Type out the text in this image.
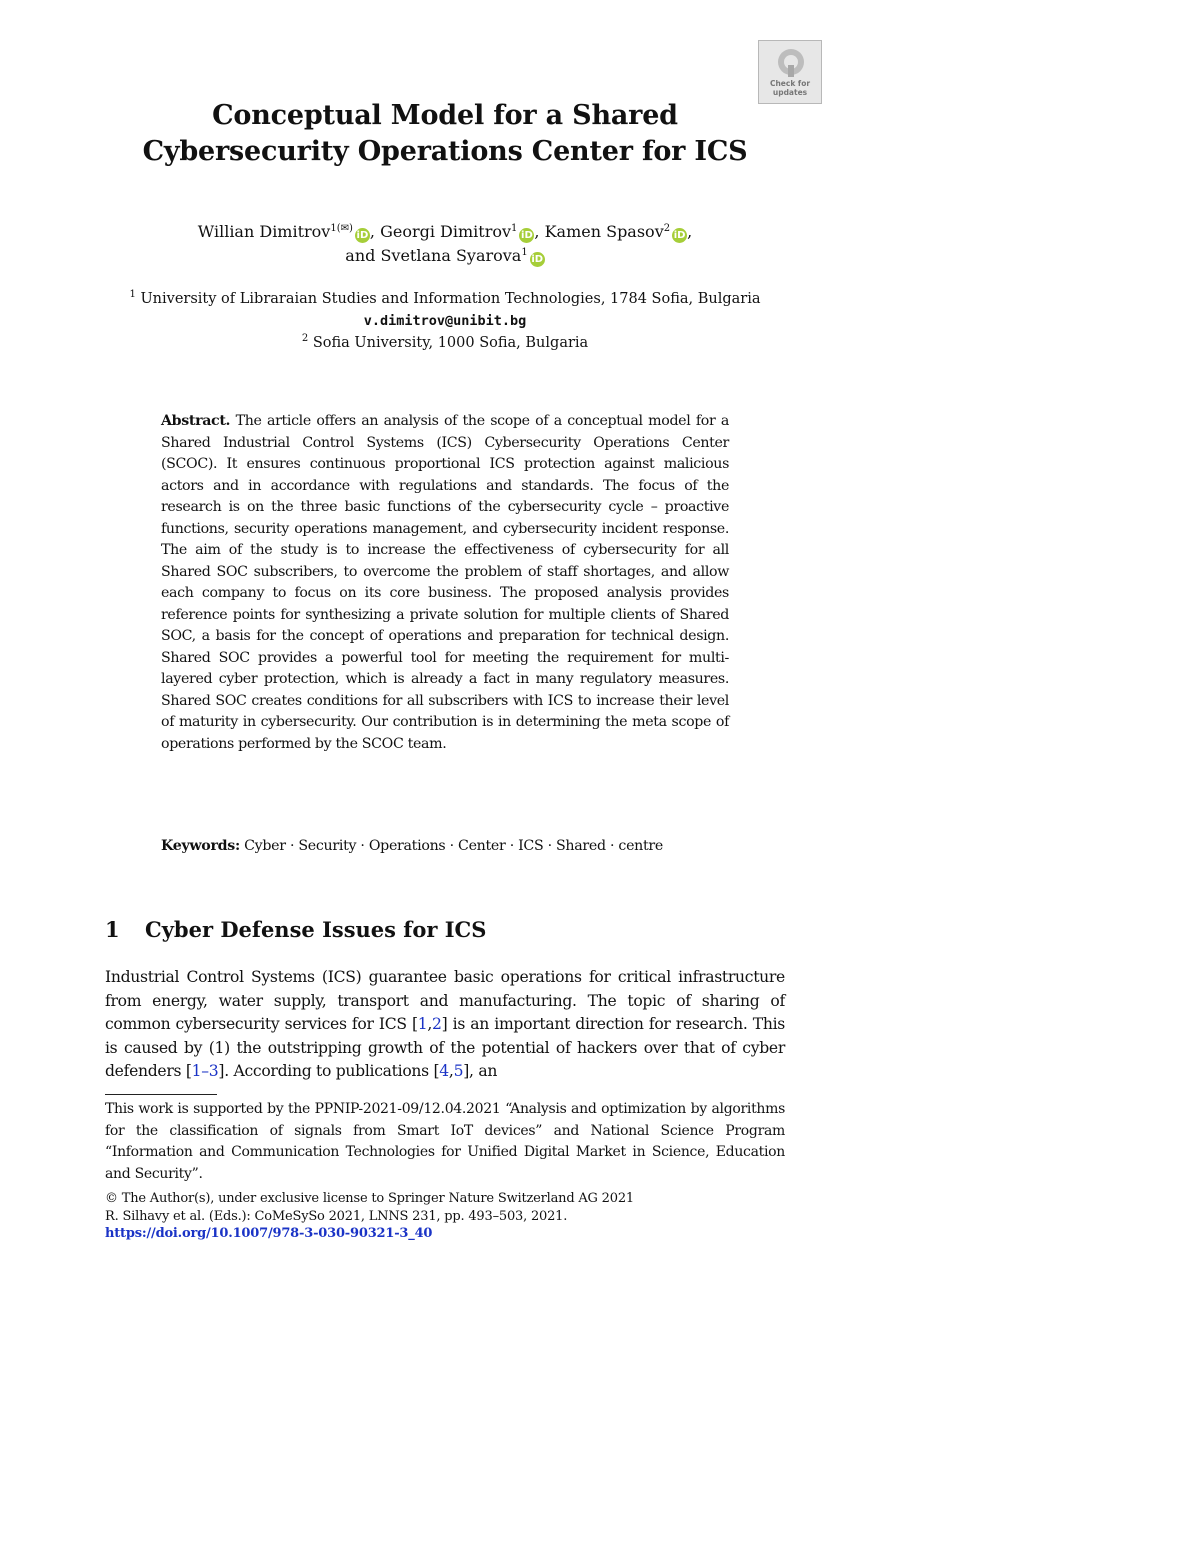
Check for
updates
Conceptual Model for a Shared
Cybersecurity Operations Center for ICS
Willian Dimitrov$^{1(✉)}$iD , Georgi Dimitrov$^1$iD , Kamen Spasov$^2$iD ,
and Svetlana Syarova$^1$iD
$^1$ University of Libraraian Studies and Information Technologies, 1784 Sofia, Bulgaria
v.dimitrov@unibit.bg
$^2$ Sofia University, 1000 Sofia, Bulgaria
Abstract. The article offers an analysis of the scope of a conceptual model for a Shared Industrial Control Systems (ICS) Cybersecurity Operations Center (SCOC). It ensures continuous proportional ICS protection against malicious actors and in accordance with regulations and standards. The focus of the research is on the three basic functions of the cybersecurity cycle – proactive functions, security operations management, and cybersecurity incident response. The aim of the study is to increase the effectiveness of cybersecurity for all Shared SOC subscribers, to overcome the problem of staff shortages, and allow each company to focus on its core business. The proposed analysis provides reference points for synthesizing a private solution for multiple clients of Shared SOC, a basis for the concept of operations and preparation for technical design. Shared SOC provides a powerful tool for meeting the requirement for multi-layered cyber protection, which is already a fact in many regulatory measures. Shared SOC creates conditions for all subscribers with ICS to increase their level of maturity in cybersecurity. Our contribution is in determining the meta scope of operations performed by the SCOC team.
Keywords: Cyber · Security · Operations · Center · ICS · Shared · centre
1 Cyber Defense Issues for ICS
Industrial Control Systems (ICS) guarantee basic operations for critical infrastructure from energy, water supply, transport and manufacturing. The topic of sharing of common cybersecurity services for ICS [1,2] is an important direction for research. This is caused by (1) the outstripping growth of the potential of hackers over that of cyber defenders [1–3]. According to publications [4,5], an
This work is supported by the PPNIP-2021-09/12.04.2021 “Analysis and optimization by algorithms for the classification of signals from Smart IoT devices” and National Science Program “Information and Communication Technologies for Unified Digital Market in Science, Education and Security”.
© The Author(s), under exclusive license to Springer Nature Switzerland AG 2021
R. Silhavy et al. (Eds.): CoMeSySo 2021, LNNS 231, pp. 493–503, 2021.
https://doi.org/10.1007/978-3-030-90321-3_40
